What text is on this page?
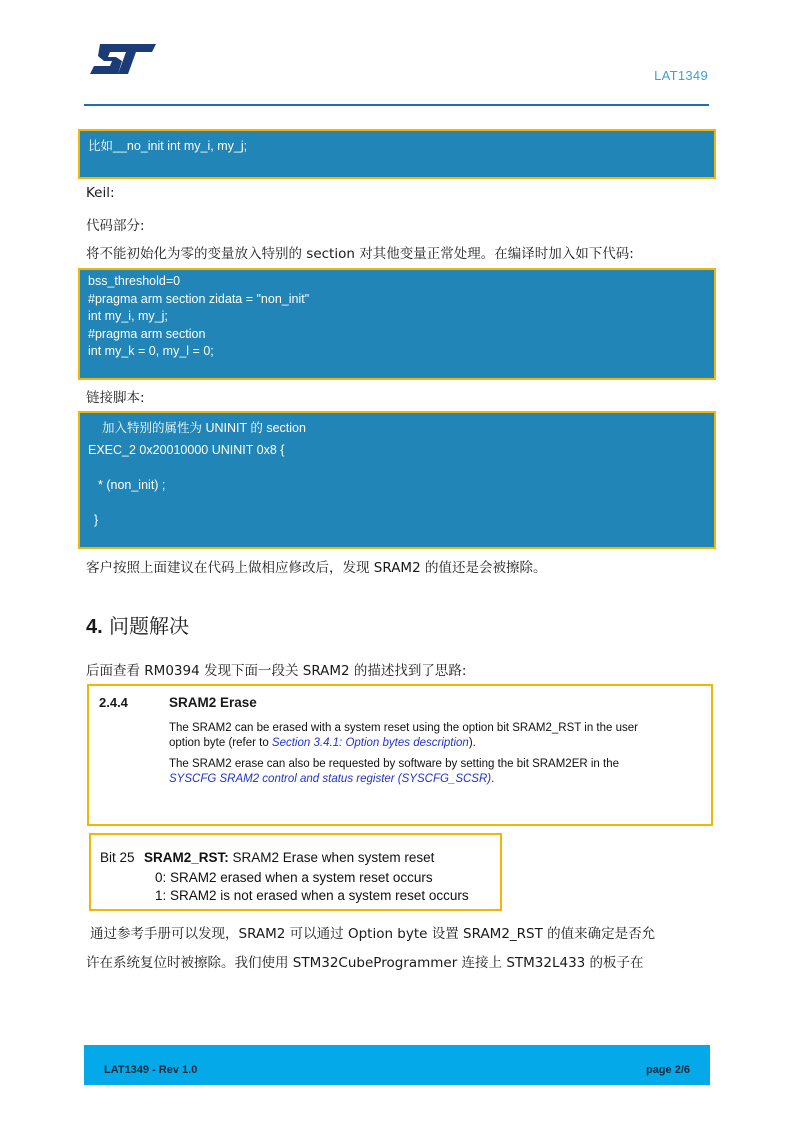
LAT1349
比如__no_init int my_i, my_j;
Keil:
代码部分:
将不能初始化为零的变量放入特别的 section 对其他变量正常处理。在编译时加入如下代码:
bss_threshold=0
#pragma arm section zidata = "non_init"
int my_i, my_j;
#pragma arm section
int my_k = 0, my_l = 0;
链接脚本:
加入特别的属性为 UNINIT 的 section
EXEC_2 0x20010000 UNINIT 0x8 {
* (non_init) ;
}
客户按照上面建议在代码上做相应修改后，发现 SRAM2 的值还是会被擦除。
4. 问题解决
后面查看 RM0394 发现下面一段关 SRAM2 的描述找到了思路:
2.4.4	SRAM2 Erase
The SRAM2 can be erased with a system reset using the option bit SRAM2_RST in the user
option byte (refer to Section 3.4.1: Option bytes description).
The SRAM2 erase can also be requested by software by setting the bit SRAM2ER in the
SYSCFG SRAM2 control and status register (SYSCFG_SCSR).
Bit 25 SRAM2_RST: SRAM2 Erase when system reset
0: SRAM2 erased when a system reset occurs
1: SRAM2 is not erased when a system reset occurs
通过参考手册可以发现，SRAM2 可以通过 Option byte 设置 SRAM2_RST 的值来确定是否允
许在系统复位时被擦除。我们使用 STM32CubeProgrammer 连接上 STM32L433 的板子在
LAT1349 - Rev 1.0	page 2/6
